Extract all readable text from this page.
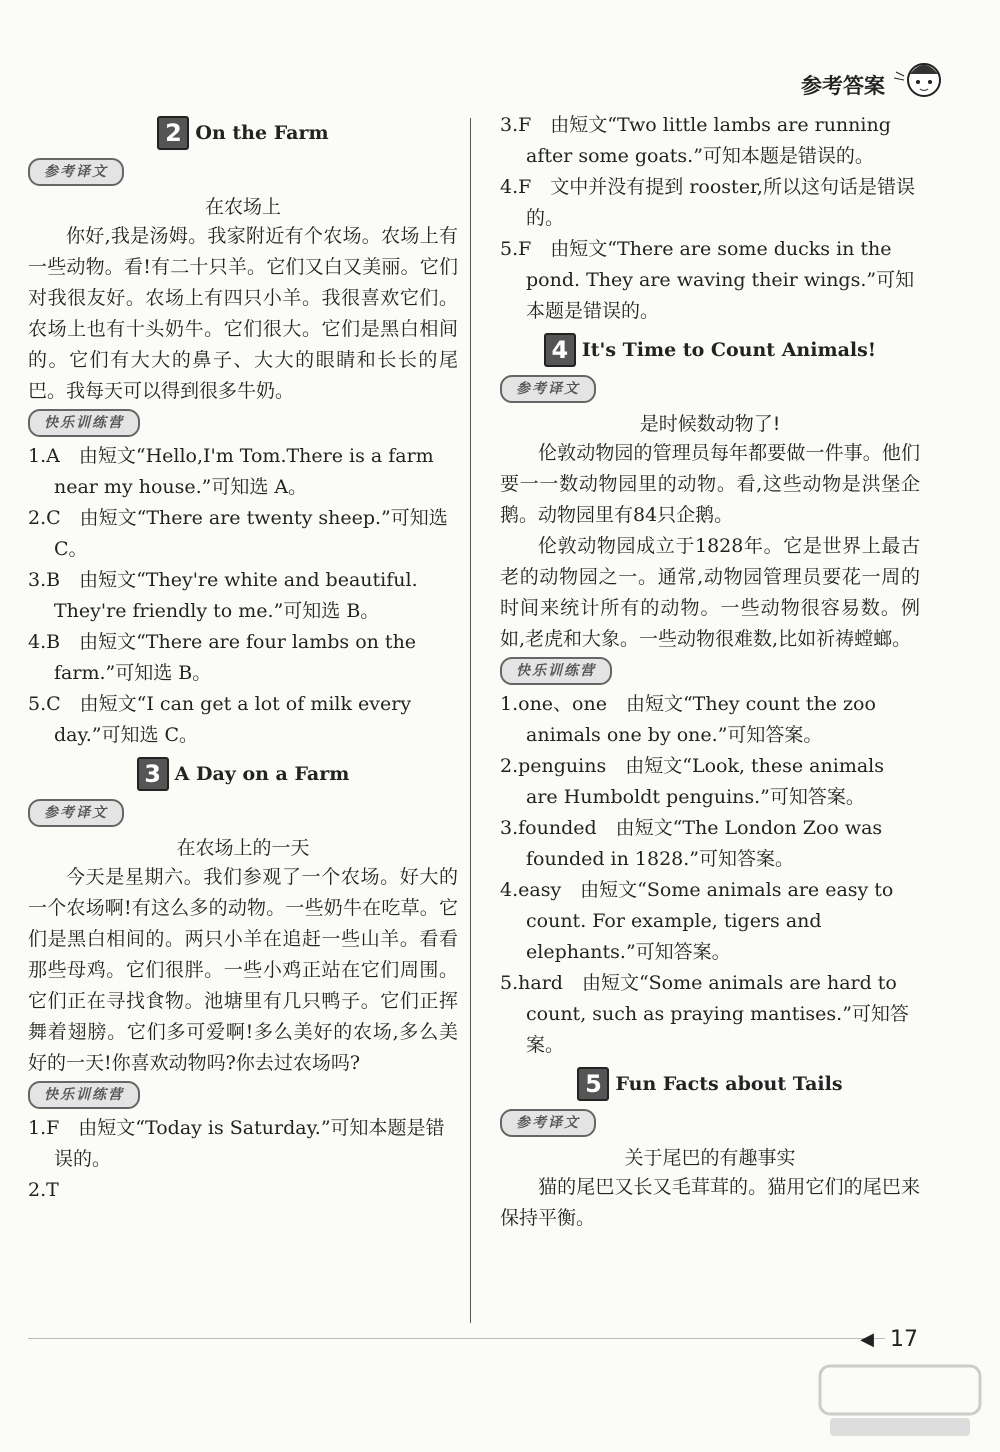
参考答案
2 On the Farm
参考译文
在农场上

你好,我是汤姆。我家附近有个农场。农场上有一些动物。看!有二十只羊。它们又白又美丽。它们对我很友好。农场上有四只小羊。我很喜欢它们。农场上也有十头奶牛。它们很大。它们是黑白相间的。它们有大大的鼻子、大大的眼睛和长长的尾巴。我每天可以得到很多牛奶。

快乐训练营

1.A　由短文“Hello,I'm Tom.There is a farm near my house.”可知选 A。

2.C　由短文“There are twenty sheep.”可知选 C。

3.B　由短文“They're white and beautiful. They're friendly to me.”可知选 B。

4.B　由短文“There are four lambs on the farm.”可知选 B。

5.C　由短文“I can get a lot of milk every day.”可知选 C。

3 A Day on a Farm
参考译文
在农场上的一天

今天是星期六。我们参观了一个农场。好大的一个农场啊!有这么多的动物。一些奶牛在吃草。它们是黑白相间的。两只小羊在追赶一些山羊。看看那些母鸡。它们很胖。一些小鸡正站在它们周围。它们正在寻找食物。池塘里有几只鸭子。它们正挥舞着翅膀。它们多可爱啊!多么美好的农场,多么美好的一天!你喜欢动物吗?你去过农场吗?

快乐训练营

1.F　由短文“Today is Saturday.”可知本题是错误的。

2.T

3.F　由短文“Two little lambs are running after some goats.”可知本题是错误的。

4.F　文中并没有提到 rooster,所以这句话是错误的。

5.F　由短文“There are some ducks in the pond. They are waving their wings.”可知本题是错误的。

4 It's Time to Count Animals!
参考译文
是时候数动物了!

伦敦动物园的管理员每年都要做一件事。他们要一一数动物园里的动物。看,这些动物是洪堡企鹅。动物园里有84只企鹅。

伦敦动物园成立于1828年。它是世界上最古老的动物园之一。通常,动物园管理员要花一周的时间来统计所有的动物。一些动物很容易数。例如,老虎和大象。一些动物很难数,比如祈祷螳螂。

快乐训练营

1.one、one　由短文“They count the zoo animals one by one.”可知答案。

2.penguins　由短文“Look, these animals are Humboldt penguins.”可知答案。

3.founded　由短文“The London Zoo was founded in 1828.”可知答案。

4.easy　由短文“Some animals are easy to count. For example, tigers and elephants.”可知答案。

5.hard　由短文“Some animals are hard to count, such as praying mantises.”可知答案。

5 Fun Facts about Tails
参考译文
关于尾巴的有趣事实

猫的尾巴又长又毛茸茸的。猫用它们的尾巴来保持平衡。

◀ 17
